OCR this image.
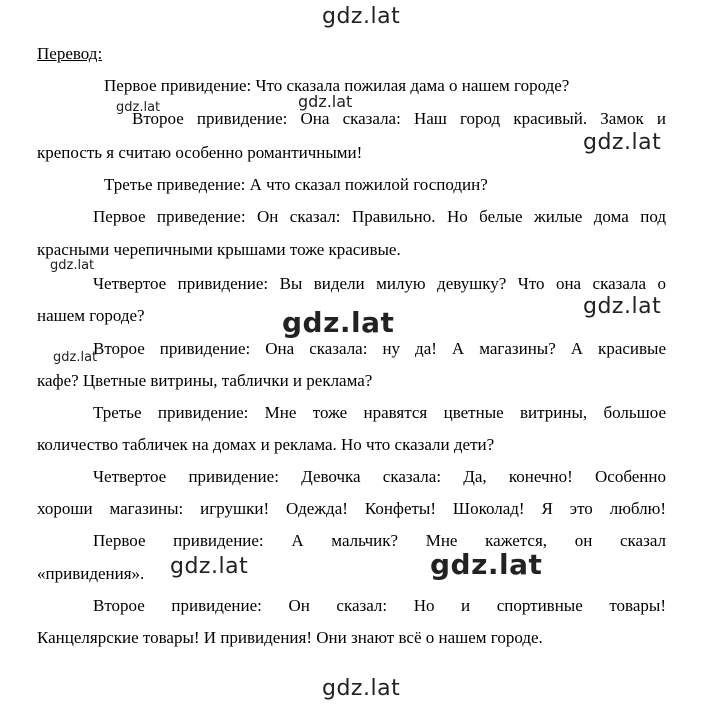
gdz.lat
Перевод:
Первое привидение: Что сказала пожилая дама о нашем городе?
gdz.lat	gdz.lat
Второе привидение: Она сказала: Наш город красивый. Замок и
крепость я считаю особенно романтичными!	gdz.lat
Третье приведение: А что сказал пожилой господин?
Первое приведение: Он сказал: Правильно. Но белые жилые дома под
красными черепичными крышами тоже красивые.
gdz.lat
Четвертое привидение: Вы видели милую девушку? Что она сказала о
нашем городе?	gdz.lat
gdz.lat
Второе привидение: Она сказала: ну да! А магазины? А красивые
кафе? Цветные витрины, таблички и реклама?
gdz.lat
Третье привидение: Мне тоже нравятся цветные витрины, большое
количество табличек на домах и реклама. Но что сказали дети?
Четвертое привидение: Девочка сказала: Да, конечно! Особенно
хороши магазины: игрушки! Одежда! Конфеты! Шоколад! Я это люблю!
Первое привидение: А мальчик? Мне кажется, он сказал
«привидения». gdz.lat	gdz.lat
Второе привидение: Он сказал: Но и спортивные товары!
Канцелярские товары! И привидения! Они знают всё о нашем городе.
gdz.lat
